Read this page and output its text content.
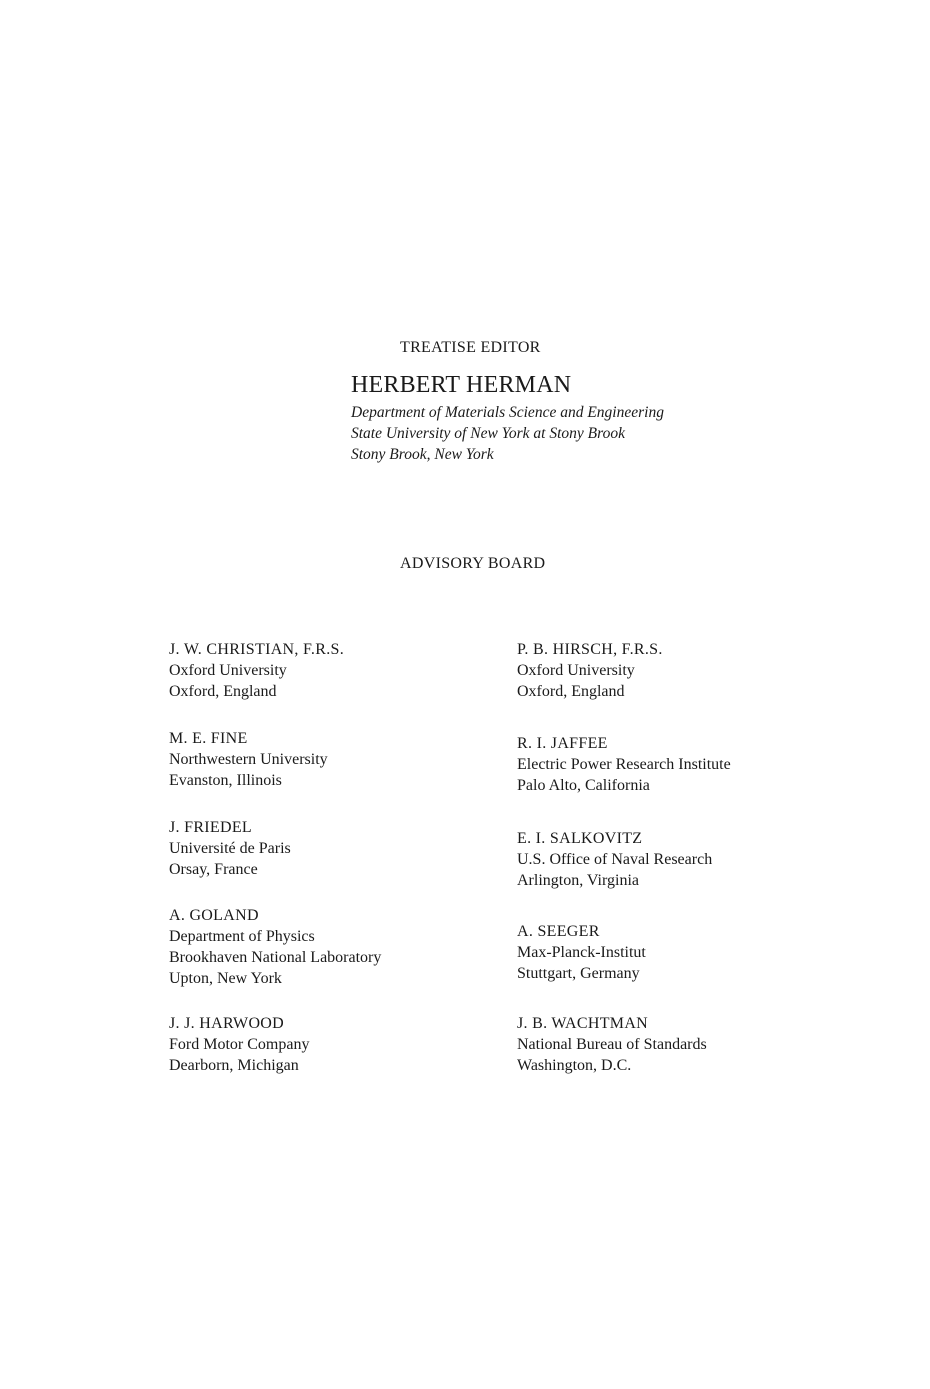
TREATISE EDITOR
HERBERT HERMAN
Department of Materials Science and Engineering
State University of New York at Stony Brook
Stony Brook, New York
ADVISORY BOARD
J. W. CHRISTIAN, F.R.S.
Oxford University
Oxford, England
M. E. FINE
Northwestern University
Evanston, Illinois
J. FRIEDEL
Université de Paris
Orsay, France
A. GOLAND
Department of Physics
Brookhaven National Laboratory
Upton, New York
J. J. HARWOOD
Ford Motor Company
Dearborn, Michigan
P. B. HIRSCH, F.R.S.
Oxford University
Oxford, England
R. I. JAFFEE
Electric Power Research Institute
Palo Alto, California
E. I. SALKOVITZ
U.S. Office of Naval Research
Arlington, Virginia
A. SEEGER
Max-Planck-Institut
Stuttgart, Germany
J. B. WACHTMAN
National Bureau of Standards
Washington, D.C.
